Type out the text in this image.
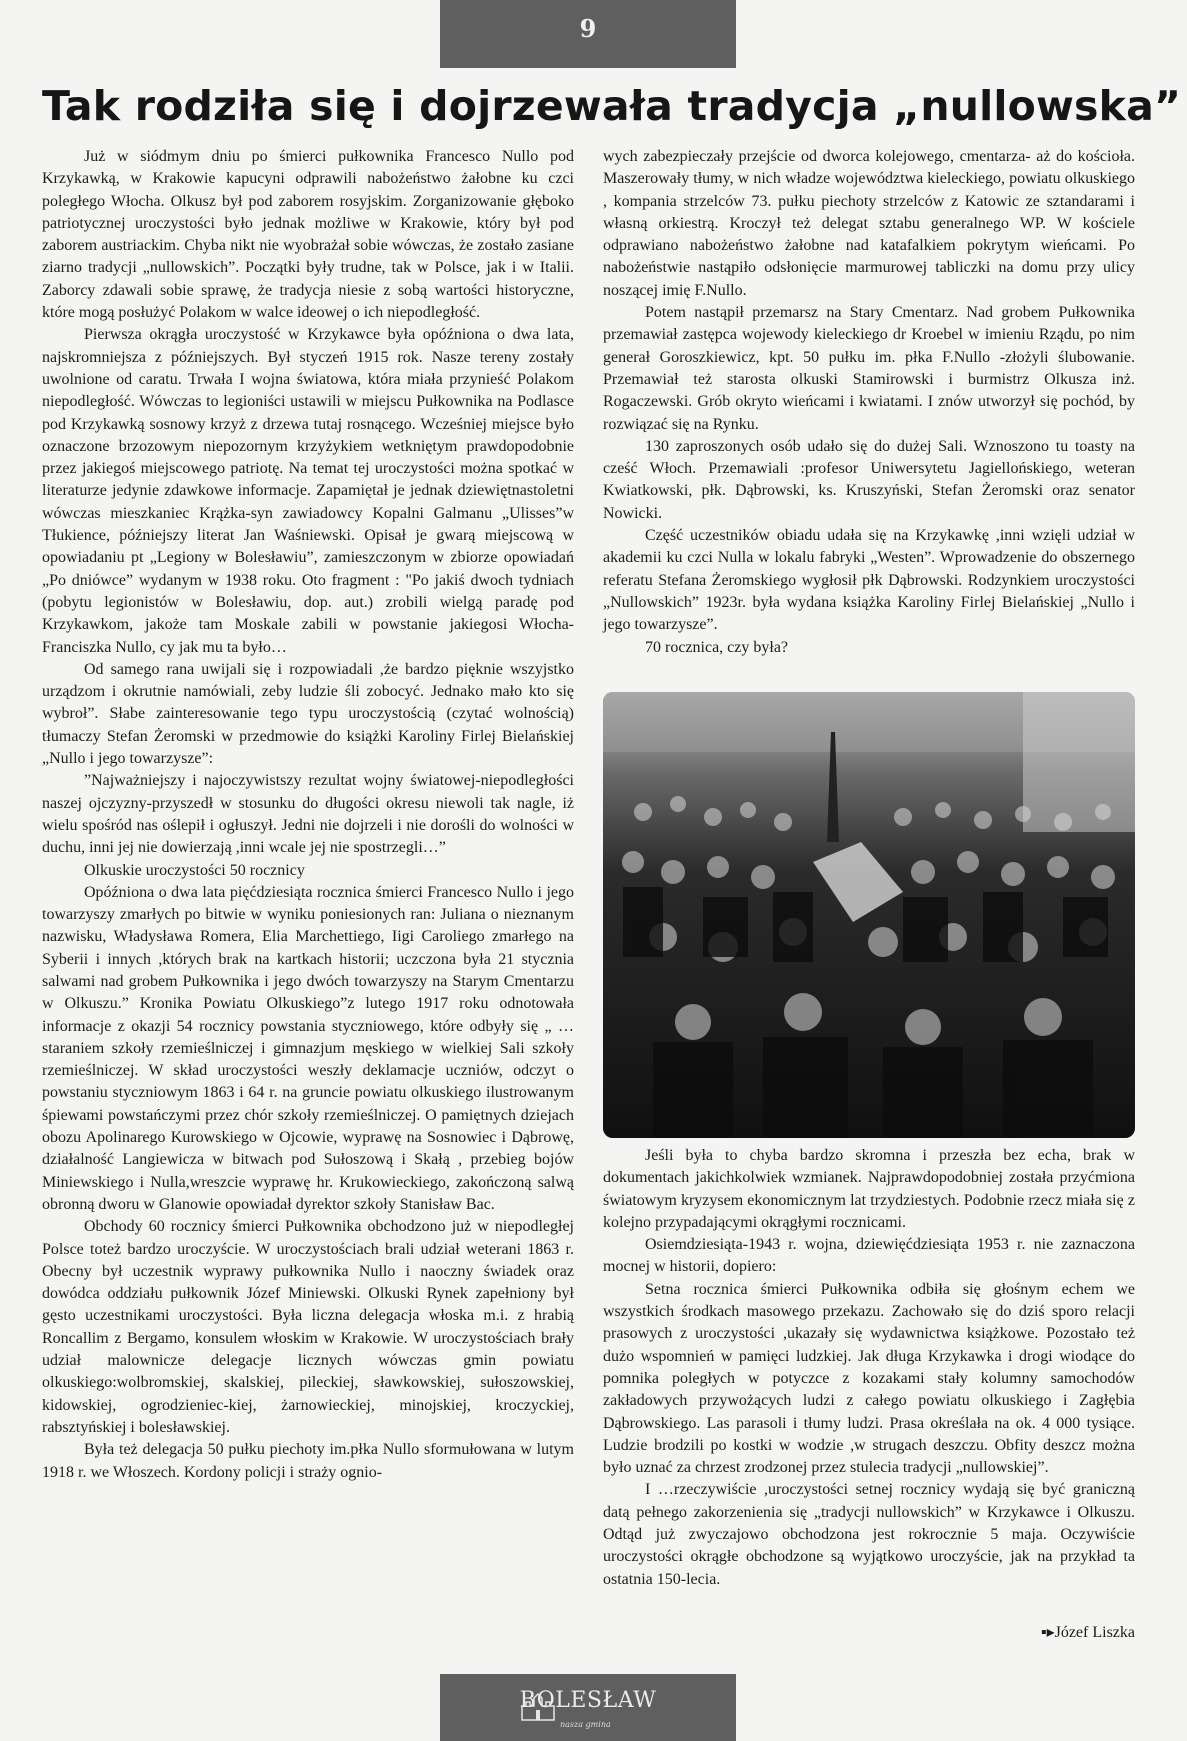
9
Tak rodziła się i dojrzewała tradycja „nullowska”

Już w siódmym dniu po śmierci pułkownika Francesco Nullo pod Krzykawką, w Krakowie kapucyni odprawili nabożeństwo żałobne ku czci poległego Włocha. Olkusz był pod zaborem rosyjskim. Zorganizowanie głęboko patriotycznej uroczystości było jednak możliwe w Krakowie, który był pod zaborem austriackim. Chyba nikt nie wyobrażał sobie wówczas, że zostało zasiane ziarno tradycji „nullowskich”. Początki były trudne, tak w Polsce, jak i w Italii. Zaborcy zdawali sobie sprawę, że tradycja niesie z sobą wartości historyczne, które mogą posłużyć Polakom w walce ideowej o ich niepodległość.

Pierwsza okrągła uroczystość w Krzykawce była opóźniona o dwa lata, najskromniejsza z późniejszych. Był styczeń 1915 rok. Nasze tereny zostały uwolnione od caratu. Trwała I wojna światowa, która miała przynieść Polakom niepodległość. Wówczas to legioniści ustawili w miejscu Pułkownika na Podlasce pod Krzykawką sosnowy krzyż z drzewa tutaj rosnącego. Wcześniej miejsce było oznaczone brzozowym niepozornym krzyżykiem wetkniętym prawdopodobnie przez jakiegoś miejscowego patriotę. Na temat tej uroczystości można spotkać w literaturze jedynie zdawkowe informacje. Zapamiętał je jednak dziewiętnastoletni wówczas mieszkaniec Krążka-syn zawiadowcy Kopalni Galmanu „Ulisses”w Tłukience, późniejszy literat Jan Waśniewski. Opisał je gwarą miejscową w opowiadaniu pt „Legiony w Bolesławiu”, zamieszczonym w zbiorze opowiadań „Po dniówce” wydanym w 1938 roku. Oto fragment : "Po jakiś dwoch tydniach (pobytu legionistów w Bolesławiu, dop. aut.) zrobili wielgą paradę pod Krzykawkom, jakoże tam Moskale zabili w powstanie jakiegosi Włocha-Franciszka Nullo, cy jak mu ta było…

Od samego rana uwijali się i rozpowiadali ,że bardzo pięknie wszyjstko urządzom i okrutnie namówiali, zeby ludzie śli zobocyć. Jednako mało kto się wybroł”. Słabe zainteresowanie tego typu uroczystością (czytać wolnością) tłumaczy Stefan Żeromski w przedmowie do książki Karoliny Firlej Bielańskiej „Nullo i jego towarzysze”:

”Najważniejszy i najoczywistszy rezultat wojny światowej-niepodległości naszej ojczyzny-przyszedł w stosunku do długości okresu niewoli tak nagle, iż wielu spośród nas oślepił i ogłuszył. Jedni nie dojrzeli i nie dorośli do wolności w duchu, inni jej nie dowierzają ,inni wcale jej nie spostrzegli…”

Olkuskie uroczystości 50 rocznicy

Opóźniona o dwa lata pięćdziesiąta rocznica śmierci Francesco Nullo i jego towarzyszy zmarłych po bitwie w wyniku poniesionych ran: Juliana o nieznanym nazwisku, Władysława Romera, Elia Marchettiego, Iigi Caroliego zmarłego na Syberii i innych ,których brak na kartkach historii; uczczona była 21 stycznia salwami nad grobem Pułkownika i jego dwóch towarzyszy na Starym Cmentarzu w Olkuszu.” Kronika Powiatu Olkuskiego”z lutego 1917 roku odnotowała informacje z okazji 54 rocznicy powstania styczniowego, które odbyły się „ …staraniem szkoły rzemieślniczej i gimnazjum męskiego w wielkiej Sali szkoły rzemieślniczej. W skład uroczystości weszły deklamacje uczniów, odczyt o powstaniu styczniowym 1863 i 64 r. na gruncie powiatu olkuskiego ilustrowanym śpiewami powstańczymi przez chór szkoły rzemieślniczej. O pamiętnych dziejach obozu Apolinarego Kurowskiego w Ojcowie, wyprawę na Sosnowiec i Dąbrowę, działalność Langiewicza w bitwach pod Sułoszową i Skałą , przebieg bojów Miniewskiego i Nulla,wreszcie wyprawę hr. Krukowieckiego, zakończoną salwą obronną dworu w Glanowie opowiadał dyrektor szkoły Stanisław Bac.

Obchody 60 rocznicy śmierci Pułkownika obchodzono już w niepodległej Polsce toteż bardzo uroczyście. W uroczystościach brali udział weterani 1863 r. Obecny był uczestnik wyprawy pułkownika Nullo i naoczny świadek oraz dowódca oddziału pułkownik Józef Miniewski. Olkuski Rynek zapełniony był gęsto uczestnikami uroczystości. Była liczna delegacja włoska m.i. z hrabią Roncallim z Bergamo, konsulem włoskim w Krakowie. W uroczystościach brały udział malownicze delegacje licznych wówczas gmin powiatu olkuskiego:wolbromskiej, skalskiej, pileckiej, sławkowskiej, sułoszowskiej, kidowskiej, ogrodzieniec-kiej, żarnowieckiej, minojskiej, kroczyckiej, rabsztyńskiej i bolesławskiej.

Była też delegacja 50 pułku piechoty im.płka Nullo sformułowana w lutym 1918 r. we Włoszech. Kordony policji i straży ognio-

wych zabezpieczały przejście od dworca kolejowego, cmentarza- aż do kościoła. Maszerowały tłumy, w nich władze województwa kieleckiego, powiatu olkuskiego , kompania strzelców 73. pułku piechoty strzelców z Katowic ze sztandarami i własną orkiestrą. Kroczył też delegat sztabu generalnego WP. W kościele odprawiano nabożeństwo żałobne nad katafalkiem pokrytym wieńcami. Po nabożeństwie nastąpiło odsłonięcie marmurowej tabliczki na domu przy ulicy noszącej imię F.Nullo.

Potem nastąpił przemarsz na Stary Cmentarz. Nad grobem Pułkownika przemawiał zastępca wojewody kieleckiego dr Kroebel w imieniu Rządu, po nim generał Goroszkiewicz, kpt. 50 pułku im. płka F.Nullo -złożyli ślubowanie. Przemawiał też starosta olkuski Stamirowski i burmistrz Olkusza inż. Rogaczewski. Grób okryto wieńcami i kwiatami. I znów utworzył się pochód, by rozwiązać się na Rynku.

130 zaproszonych osób udało się do dużej Sali. Wznoszono tu toasty na cześć Włoch. Przemawiali :profesor Uniwersytetu Jagiellońskiego, weteran Kwiatkowski, płk. Dąbrowski, ks. Kruszyński, Stefan Żeromski oraz senator Nowicki.

Część uczestników obiadu udała się na Krzykawkę ,inni wzięli udział w akademii ku czci Nulla w lokalu fabryki „Westen”. Wprowadzenie do obszernego referatu Stefana Żeromskiego wygłosił płk Dąbrowski. Rodzynkiem uroczystości „Nullowskich” 1923r. była wydana książka Karoliny Firlej Bielańskiej „Nullo i jego towarzysze”.

70 rocznica, czy była?

Jeśli była to chyba bardzo skromna i przeszła bez echa, brak w dokumentach jakichkolwiek wzmianek. Najprawdopodobniej została przyćmiona światowym kryzysem ekonomicznym lat trzydziestych. Podobnie rzecz miała się z kolejno przypadającymi okrągłymi rocznicami.

Osiemdziesiąta-1943 r. wojna, dziewięćdziesiąta 1953 r. nie zaznaczona mocnej w historii, dopiero:

Setna rocznica śmierci Pułkownika odbiła się głośnym echem we wszystkich środkach masowego przekazu. Zachowało się do dziś sporo relacji prasowych z uroczystości ,ukazały się wydawnictwa książkowe. Pozostało też dużo wspomnień w pamięci ludzkiej. Jak długa Krzykawka i drogi wiodące do pomnika poległych w potyczce z kozakami stały kolumny samochodów zakładowych przywożących ludzi z całego powiatu olkuskiego i Zagłębia Dąbrowskiego. Las parasoli i tłumy ludzi. Prasa określała na ok. 4 000 tysiące. Ludzie brodzili po kostki w wodzie ,w strugach deszczu. Obfity deszcz można było uznać za chrzest zrodzonej przez stulecia tradycji „nullowskiej”.

I …rzeczywiście ,uroczystości setnej rocznicy wydają się być graniczną datą pełnego zakorzenienia się „tradycji nullowskich” w Krzykawce i Olkuszu. Odtąd już zwyczajowo obchodzona jest rokrocznie 5 maja. Oczywiście uroczystości okrągłe obchodzone są wyjątkowo uroczyście, jak na przykład ta ostatnia 150-lecia.

▪▸Józef Liszka
BOLESŁAW
nasza gmina
